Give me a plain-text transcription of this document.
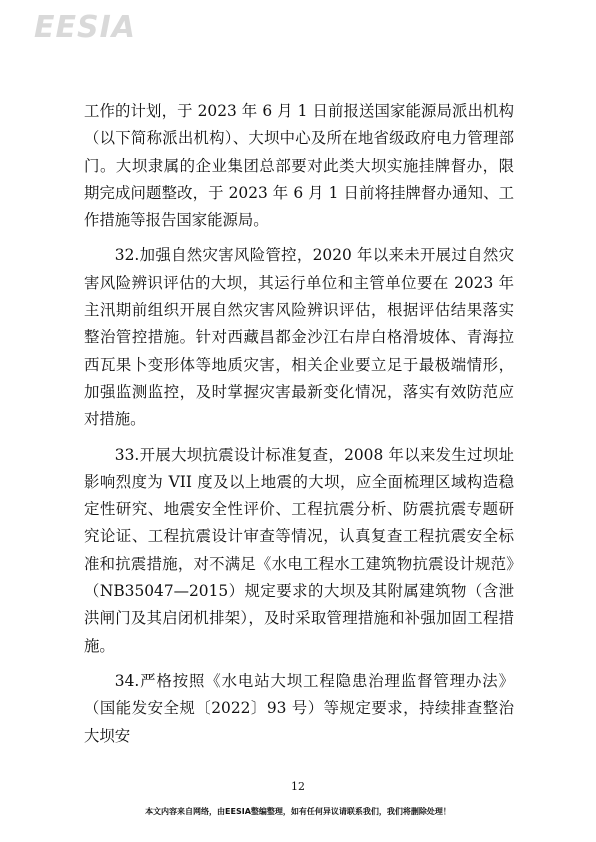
EESIA

工作的计划，于 2023 年 6 月 1 日前报送国家能源局派出机构（以下简称派出机构）、大坝中心及所在地省级政府电力管理部门。大坝隶属的企业集团总部要对此类大坝实施挂牌督办，限期完成问题整改，于 2023 年 6 月 1 日前将挂牌督办通知、工作措施等报告国家能源局。

32.加强自然灾害风险管控，2020 年以来未开展过自然灾害风险辨识评估的大坝，其运行单位和主管单位要在 2023 年主汛期前组织开展自然灾害风险辨识评估，根据评估结果落实整治管控措施。针对西藏昌都金沙江右岸白格滑坡体、青海拉西瓦果卜变形体等地质灾害，相关企业要立足于最极端情形，加强监测监控，及时掌握灾害最新变化情况，落实有效防范应对措施。

33.开展大坝抗震设计标准复查，2008 年以来发生过坝址影响烈度为 VII 度及以上地震的大坝，应全面梳理区域构造稳定性研究、地震安全性评价、工程抗震分析、防震抗震专题研究论证、工程抗震设计审查等情况，认真复查工程抗震安全标准和抗震措施，对不满足《水电工程水工建筑物抗震设计规范》（NB35047—2015）规定要求的大坝及其附属建筑物（含泄洪闸门及其启闭机排架），及时采取管理措施和补强加固工程措施。

34.严格按照《水电站大坝工程隐患治理监督管理办法》（国能发安全规〔2022〕93 号）等规定要求，持续排查整治大坝安

12
本文内容来自网络，由EESIA整编整理，如有任何异议请联系我们，我们将删除处理！
